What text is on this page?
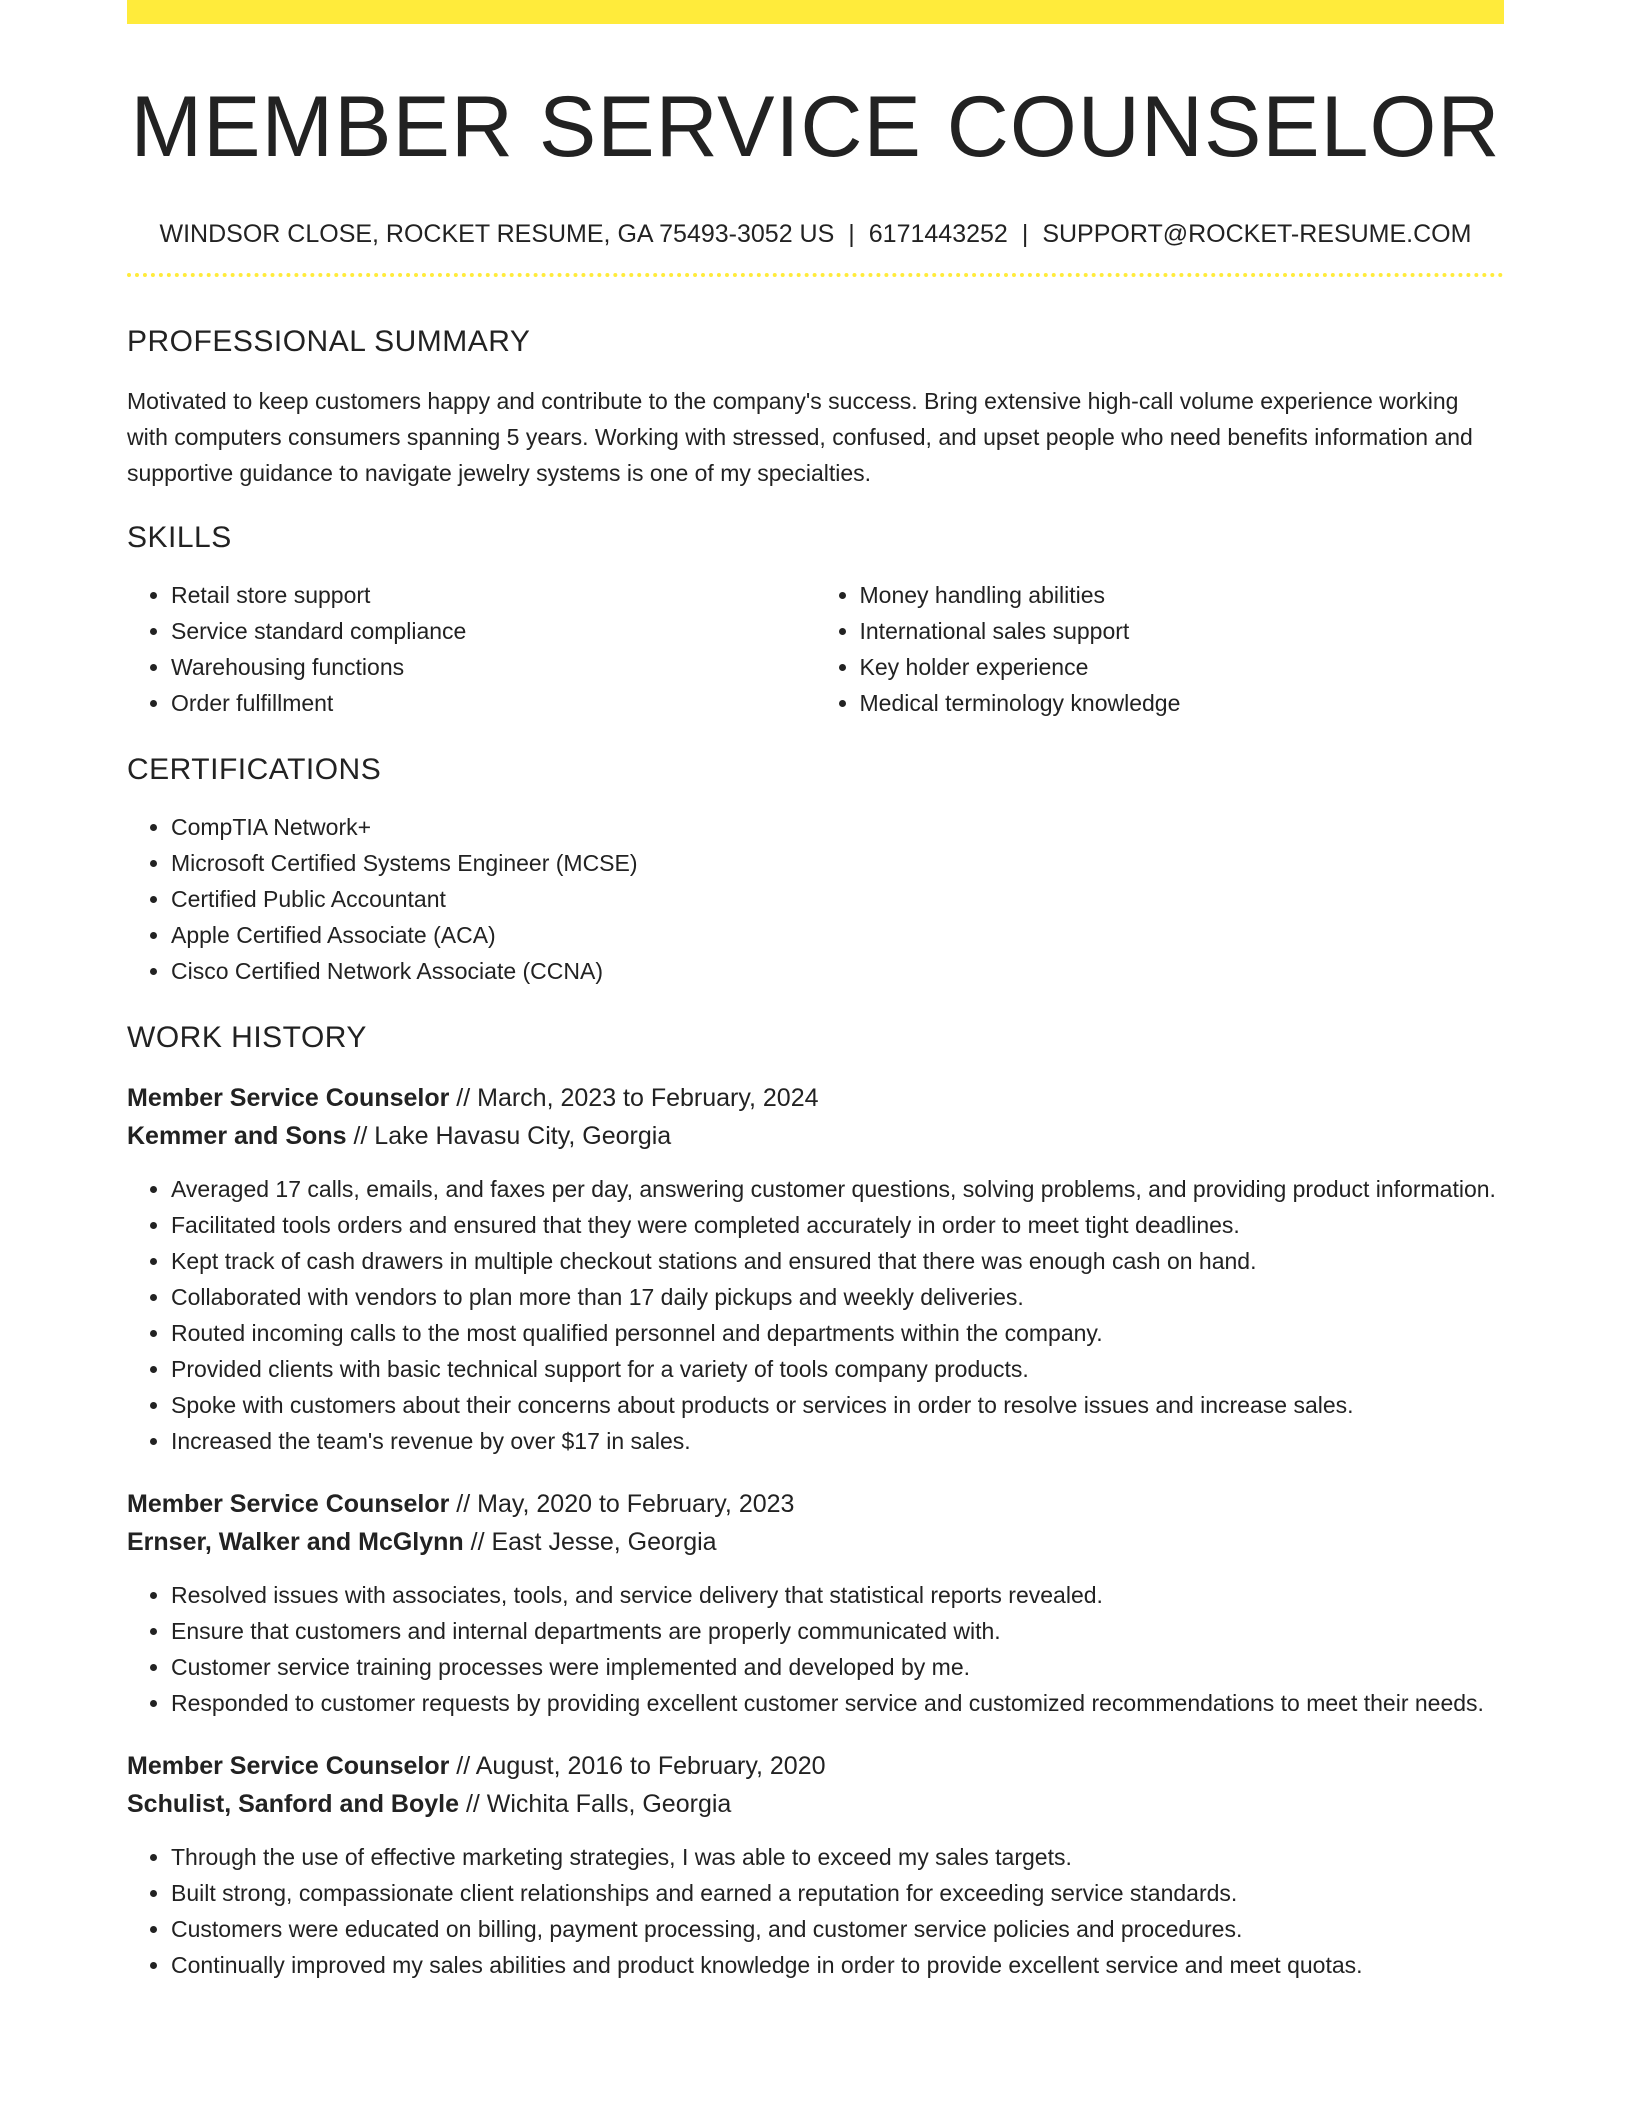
MEMBER SERVICE COUNSELOR
WINDSOR CLOSE, ROCKET RESUME, GA 75493-3052 US | 6171443252 | SUPPORT@ROCKET-RESUME.COM
PROFESSIONAL SUMMARY
Motivated to keep customers happy and contribute to the company's success. Bring extensive high-call volume experience working with computers consumers spanning 5 years. Working with stressed, confused, and upset people who need benefits information and supportive guidance to navigate jewelry systems is one of my specialties.
SKILLS
• Retail store support
• Service standard compliance
• Warehousing functions
• Order fulfillment
• Money handling abilities
• International sales support
• Key holder experience
• Medical terminology knowledge
CERTIFICATIONS
• CompTIA Network+
• Microsoft Certified Systems Engineer (MCSE)
• Certified Public Accountant
• Apple Certified Associate (ACA)
• Cisco Certified Network Associate (CCNA)
WORK HISTORY
Member Service Counselor // March, 2023 to February, 2024
Kemmer and Sons // Lake Havasu City, Georgia
• Averaged 17 calls, emails, and faxes per day, answering customer questions, solving problems, and providing product information.
• Facilitated tools orders and ensured that they were completed accurately in order to meet tight deadlines.
• Kept track of cash drawers in multiple checkout stations and ensured that there was enough cash on hand.
• Collaborated with vendors to plan more than 17 daily pickups and weekly deliveries.
• Routed incoming calls to the most qualified personnel and departments within the company.
• Provided clients with basic technical support for a variety of tools company products.
• Spoke with customers about their concerns about products or services in order to resolve issues and increase sales.
• Increased the team's revenue by over $17 in sales.
Member Service Counselor // May, 2020 to February, 2023
Ernser, Walker and McGlynn // East Jesse, Georgia
• Resolved issues with associates, tools, and service delivery that statistical reports revealed.
• Ensure that customers and internal departments are properly communicated with.
• Customer service training processes were implemented and developed by me.
• Responded to customer requests by providing excellent customer service and customized recommendations to meet their needs.
Member Service Counselor // August, 2016 to February, 2020
Schulist, Sanford and Boyle // Wichita Falls, Georgia
• Through the use of effective marketing strategies, I was able to exceed my sales targets.
• Built strong, compassionate client relationships and earned a reputation for exceeding service standards.
• Customers were educated on billing, payment processing, and customer service policies and procedures.
• Continually improved my sales abilities and product knowledge in order to provide excellent service and meet quotas.
